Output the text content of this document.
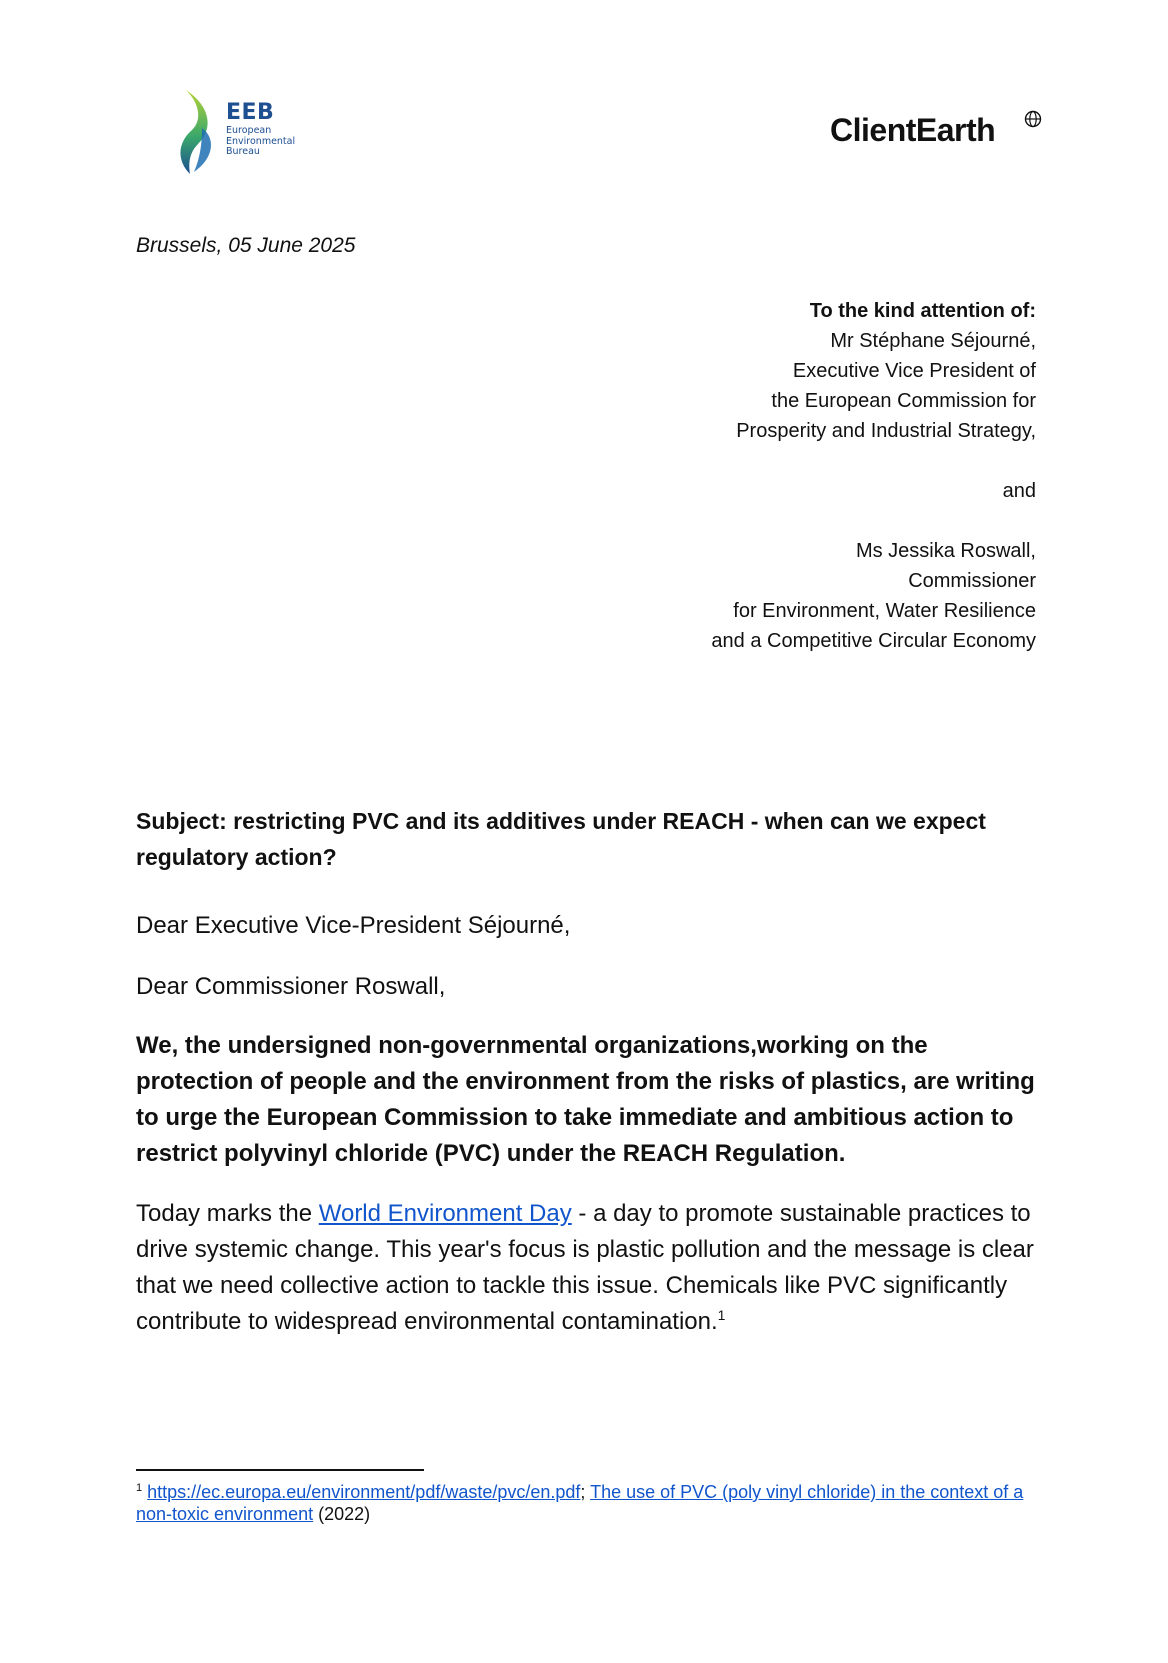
EEB
European
Environmental
Bureau
ClientEarth
Brussels, 05 June 2025
To the kind attention of:
Mr Stéphane Séjourné,
Executive Vice President of
the European Commission for
Prosperity and Industrial Strategy,
and
Ms Jessika Roswall,
Commissioner
for Environment, Water Resilience
and a Competitive Circular Economy
Subject: restricting PVC and its additives under REACH - when can we expect regulatory action?
Dear Executive Vice-President Séjourné,
Dear Commissioner Roswall,
We, the undersigned non-governmental organizations,working on the protection of people and the environment from the risks of plastics, are writing to urge the European Commission to take immediate and ambitious action to restrict polyvinyl chloride (PVC) under the REACH Regulation.
Today marks the World Environment Day - a day to promote sustainable practices to drive systemic change. This year's focus is plastic pollution and the message is clear that we need collective action to tackle this issue. Chemicals like PVC significantly contribute to widespread environmental contamination.$^1$
$^1$ https://ec.europa.eu/environment/pdf/waste/pvc/en.pdf; The use of PVC (poly vinyl chloride) in the context of a non-toxic environment (2022)
